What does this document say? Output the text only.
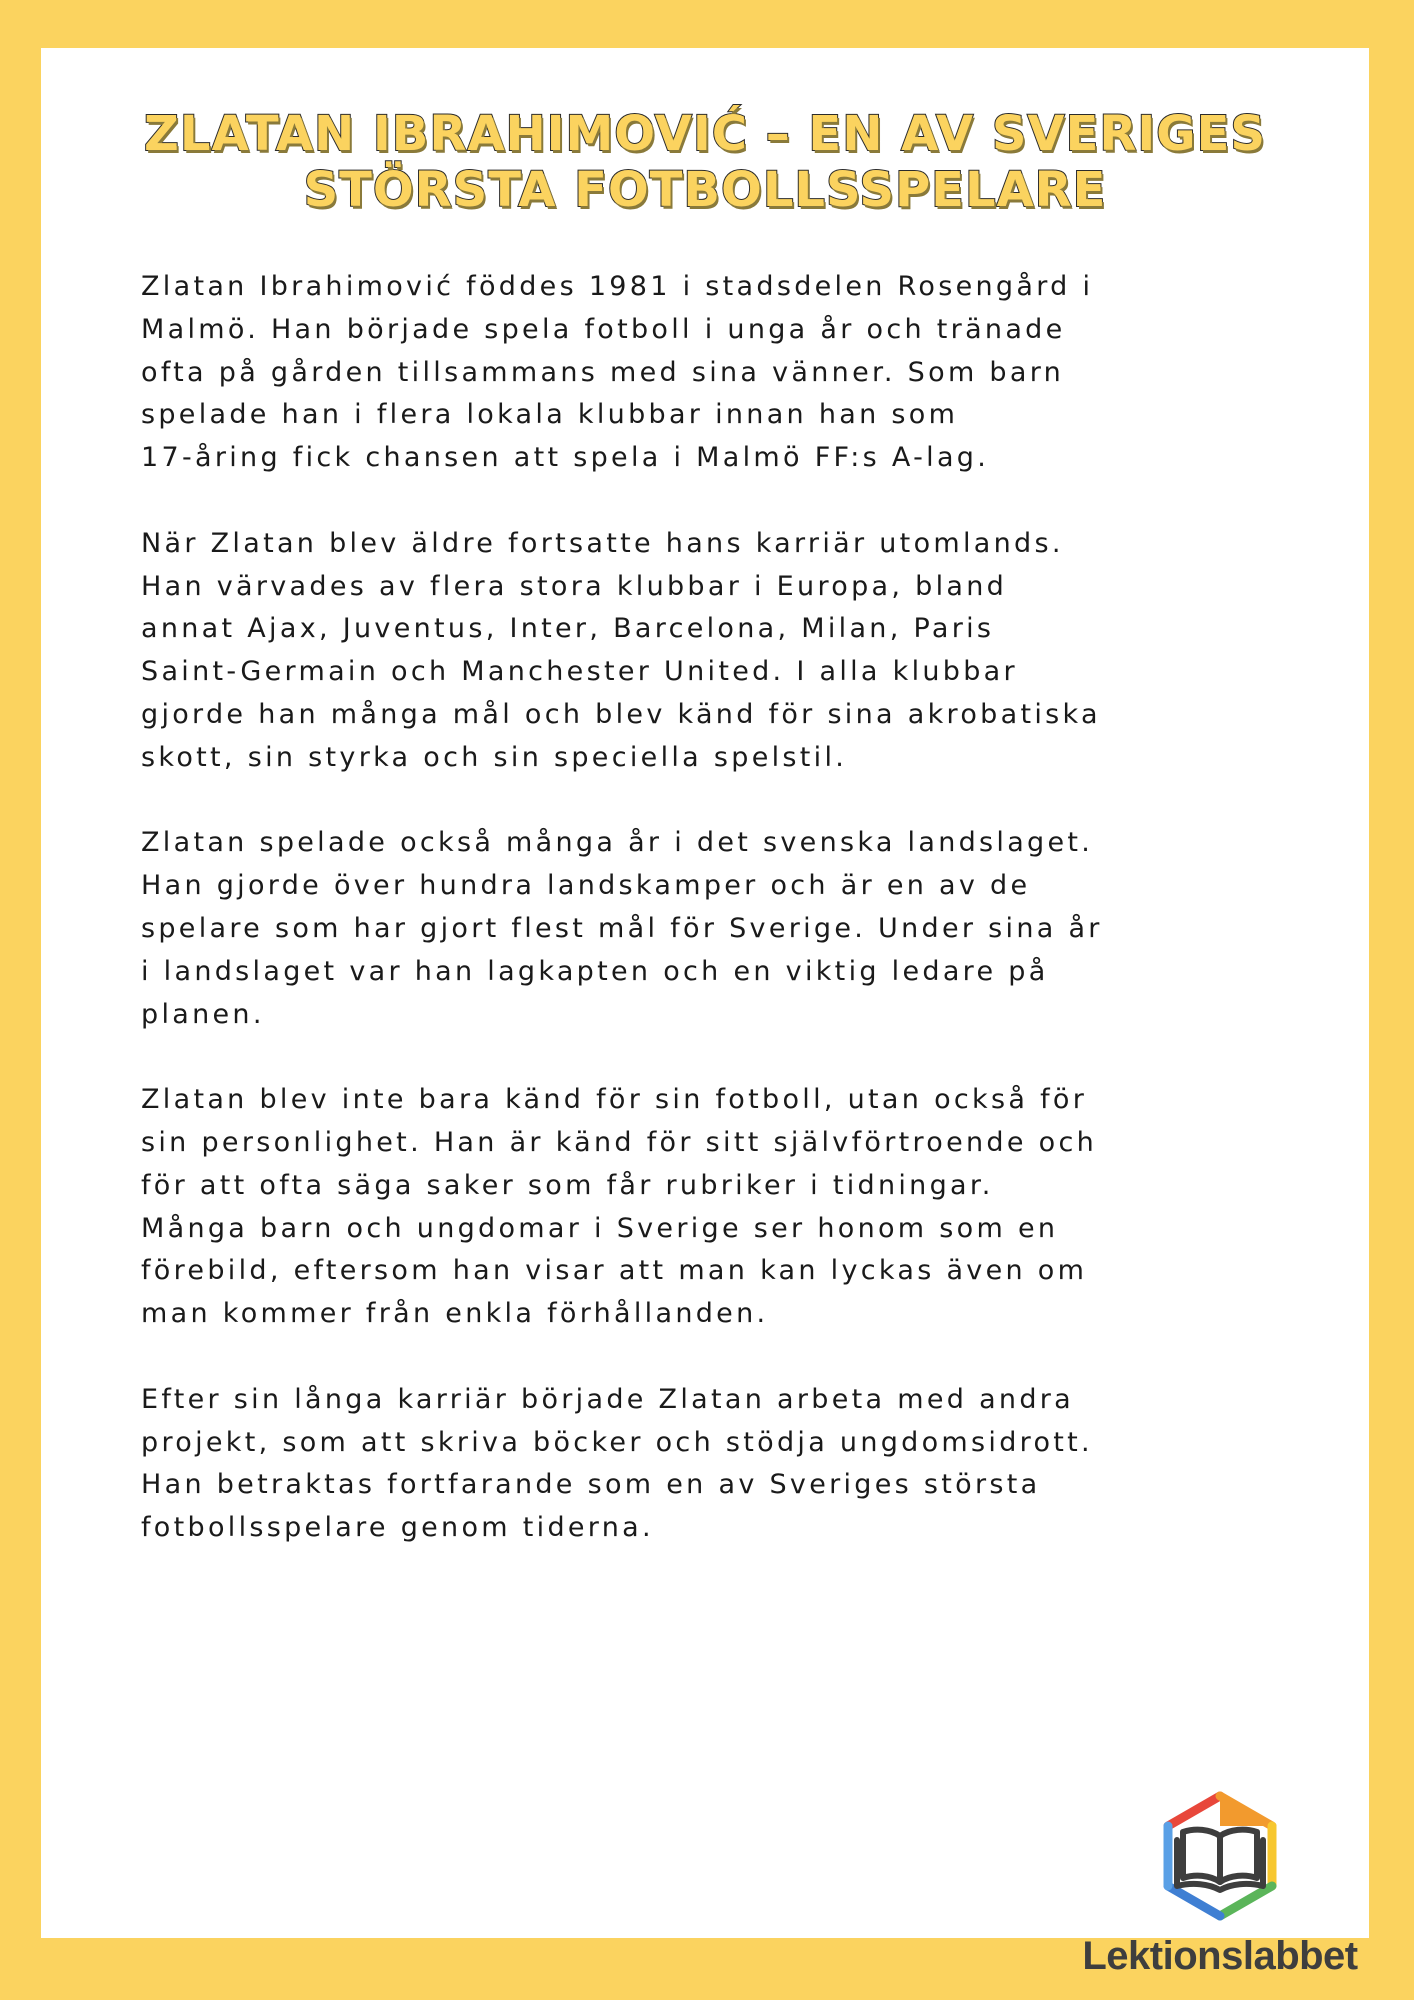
ZLATAN IBRAHIMOVIĆ – EN AV SVERIGES
STÖRSTA FOTBOLLSSPELARE

Zlatan Ibrahimović föddes 1981 i stadsdelen Rosengård i
Malmö. Han började spela fotboll i unga år och tränade
ofta på gården tillsammans med sina vänner. Som barn
spelade han i flera lokala klubbar innan han som
17-åring fick chansen att spela i Malmö FF:s A-lag.

När Zlatan blev äldre fortsatte hans karriär utomlands.
Han värvades av flera stora klubbar i Europa, bland
annat Ajax, Juventus, Inter, Barcelona, Milan, Paris
Saint-Germain och Manchester United. I alla klubbar
gjorde han många mål och blev känd för sina akrobatiska
skott, sin styrka och sin speciella spelstil.

Zlatan spelade också många år i det svenska landslaget.
Han gjorde över hundra landskamper och är en av de
spelare som har gjort flest mål för Sverige. Under sina år
i landslaget var han lagkapten och en viktig ledare på
planen.

Zlatan blev inte bara känd för sin fotboll, utan också för
sin personlighet. Han är känd för sitt självförtroende och
för att ofta säga saker som får rubriker i tidningar.
Många barn och ungdomar i Sverige ser honom som en
förebild, eftersom han visar att man kan lyckas även om
man kommer från enkla förhållanden.

Efter sin långa karriär började Zlatan arbeta med andra
projekt, som att skriva böcker och stödja ungdomsidrott.
Han betraktas fortfarande som en av Sveriges största
fotbollsspelare genom tiderna.

Lektionslabbet
